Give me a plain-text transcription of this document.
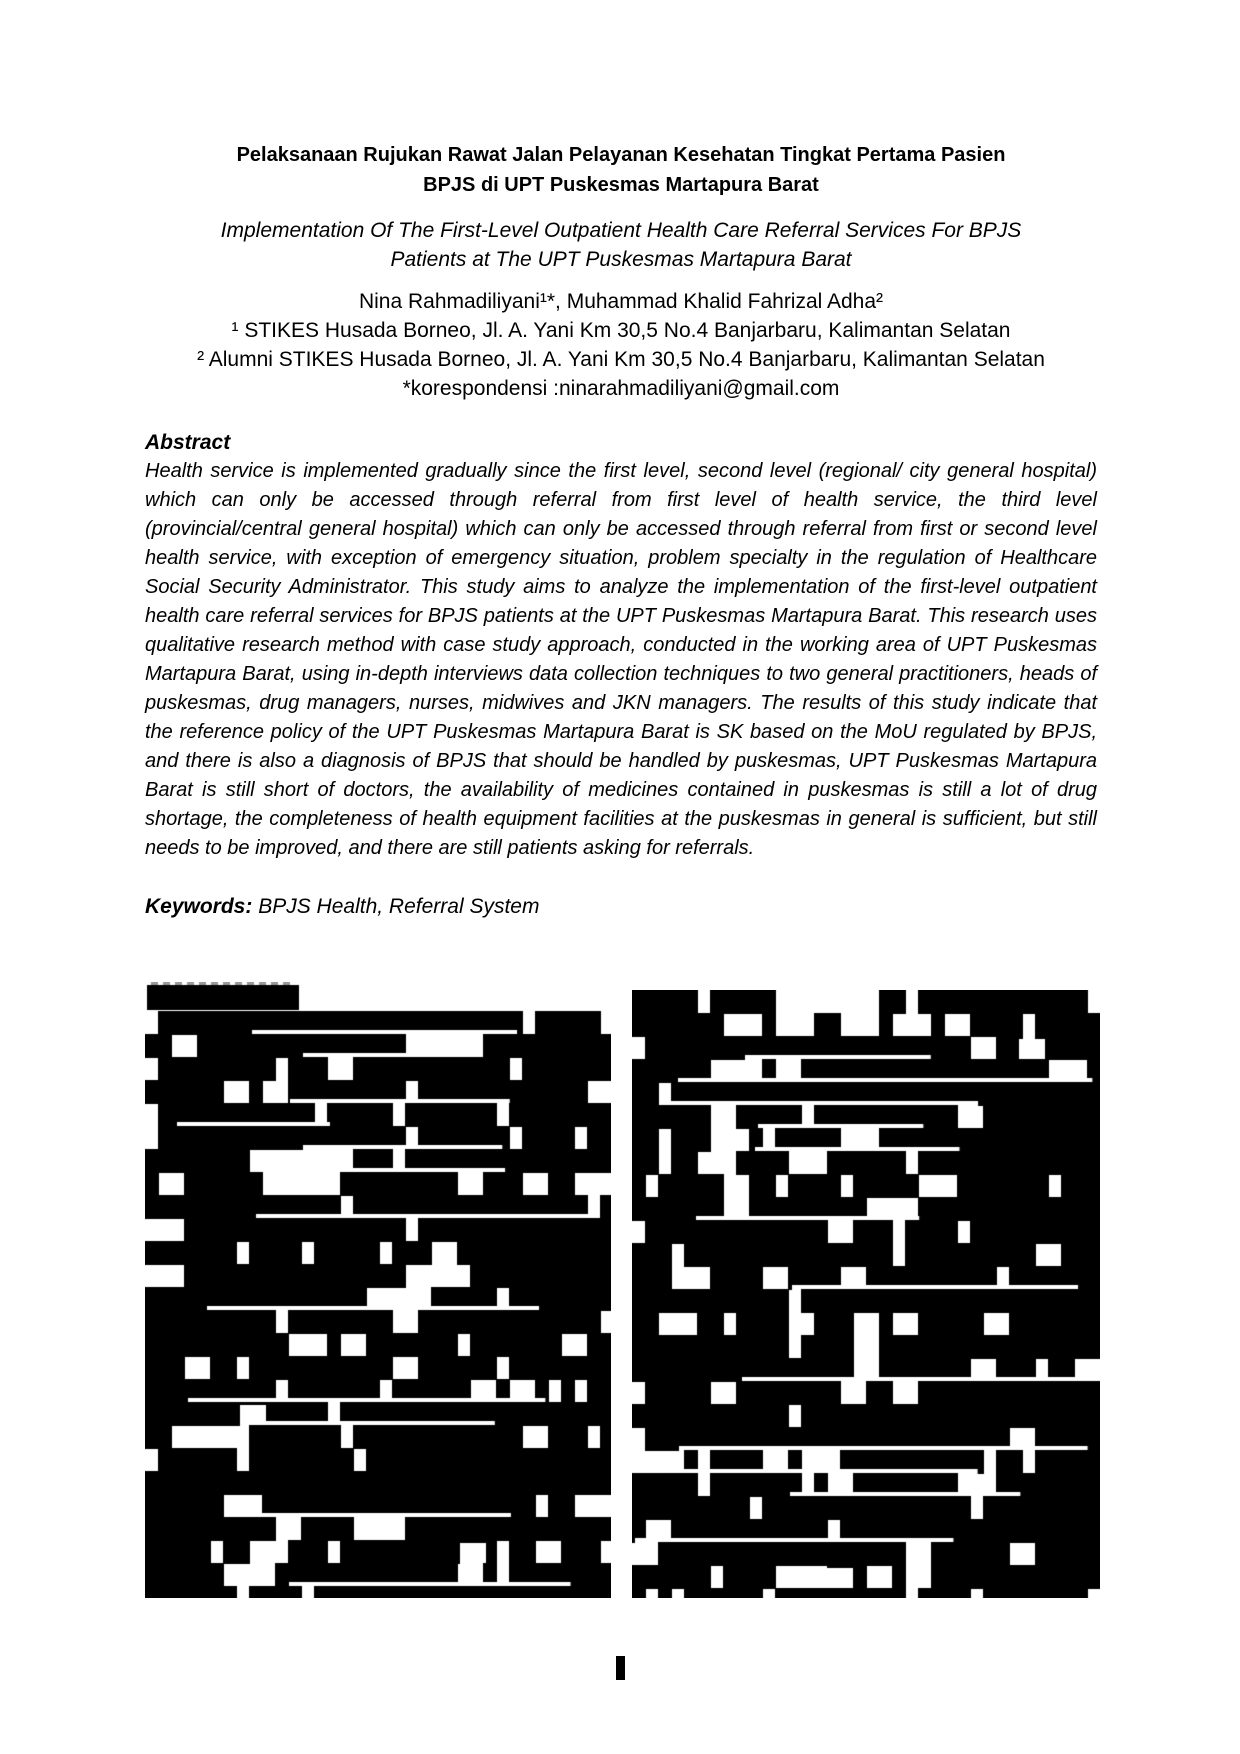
Pelaksanaan Rujukan Rawat Jalan Pelayanan Kesehatan Tingkat Pertama Pasien
BPJS di UPT Puskesmas Martapura Barat
Implementation Of The First-Level Outpatient Health Care Referral Services For BPJS
Patients at The UPT Puskesmas Martapura Barat
Nina Rahmadiliyani¹*, Muhammad Khalid Fahrizal Adha²
¹ STIKES Husada Borneo, Jl. A. Yani Km 30,5 No.4 Banjarbaru, Kalimantan Selatan
² Alumni STIKES Husada Borneo, Jl. A. Yani Km 30,5 No.4 Banjarbaru, Kalimantan Selatan
*korespondensi :ninarahmadiliyani@gmail.com
Abstract
Health service is implemented gradually since the first level, second level (regional/ city general hospital) which can only be accessed through referral from first level of health service, the third level (provincial/central general hospital) which can only be accessed through referral from first or second level health service, with exception of emergency situation, problem specialty in the regulation of Healthcare Social Security Administrator. This study aims to analyze the implementation of the first-level outpatient health care referral services for BPJS patients at the UPT Puskesmas Martapura Barat. This research uses qualitative research method with case study approach, conducted in the working area of UPT Puskesmas Martapura Barat, using in-depth interviews data collection techniques to two general practitioners, heads of puskesmas, drug managers, nurses, midwives and JKN managers. The results of this study indicate that the reference policy of the UPT Puskesmas Martapura Barat is SK based on the MoU regulated by BPJS, and there is also a diagnosis of BPJS that should be handled by puskesmas, UPT Puskesmas Martapura Barat is still short of doctors, the availability of medicines contained in puskesmas is still a lot of drug shortage, the completeness of health equipment facilities at the puskesmas in general is sufficient, but still needs to be improved, and there are still patients asking for referrals.
Keywords: BPJS Health, Referral System
